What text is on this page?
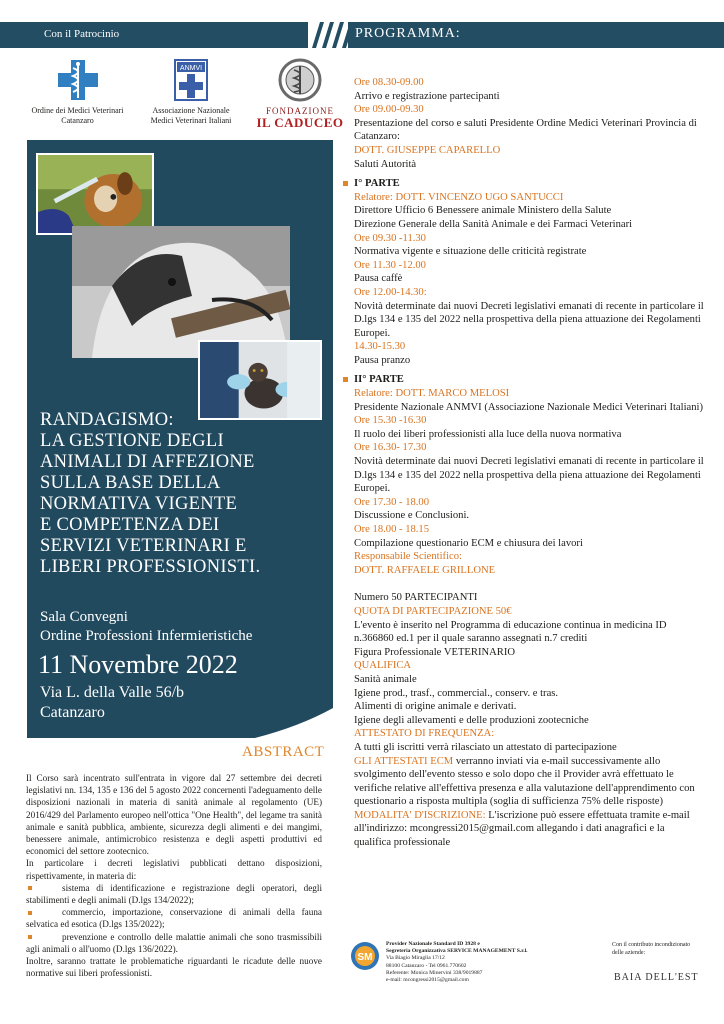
Con il Patrocinio	PROGRAMMA:
Ordine dei Medici Veterinari
Catanzaro
ANMVI
Associazione Nazionale
Medici Veterinari Italiani
FONDAZIONE
IL CADUCEO
RANDAGISMO:
LA GESTIONE DEGLI
ANIMALI DI AFFEZIONE
SULLA BASE DELLA
NORMATIVA VIGENTE
E COMPETENZA DEI
SERVIZI VETERINARI E
LIBERI PROFESSIONISTI.
Sala Convegni
Ordine Professioni Infermieristiche
11 Novembre 2022
Via L. della Valle 56/b
Catanzaro
ABSTRACT

Il Corso sarà incentrato sull'entrata in vigore dal 27 settembre dei decreti legislativi nn. 134, 135 e 136 del 5 agosto 2022 concernenti l'adeguamento delle disposizioni nazionali in materia di sanità animale al regolamento (UE) 2016/429 del Parlamento europeo nell'ottica "One Health", del legame tra sanità animale e sanità pubblica, ambiente, sicurezza degli alimenti e dei mangimi, benessere animale, antimicrobico resistenza e degli aspetti produttivi ed economici del settore zootecnico.

In particolare i decreti legislativi pubblicati dettano disposizioni, rispettivamente, in materia di:

sistema di identificazione e registrazione degli operatori, degli stabilimenti e degli animali (D.lgs 134/2022);

commercio, importazione, conservazione di animali della fauna selvatica ed esotica (D.lgs 135/2022);

prevenzione e controllo delle malattie animali che sono trasmissibili agli animali o all'uomo (D.lgs 136/2022).

Inoltre, saranno trattate le problematiche riguardanti le ricadute delle nuove normative sui liberi professionisti.

Ore 08.30-09.00
Arrivo e registrazione partecipanti
Ore 09.00-09.30
Presentazione del corso e saluti Presidente Ordine Medici Veterinari Provincia di Catanzaro:
DOTT. GIUSEPPE CAPARELLO
Saluti Autorità
I° PARTE
Relatore: DOTT. VINCENZO UGO SANTUCCI
Direttore Ufficio 6 Benessere animale Ministero della Salute
Direzione Generale della Sanità Animale e dei Farmaci Veterinari
Ore 09.30 -11.30
Normativa vigente e situazione delle criticità registrate
Ore 11.30 -12.00
Pausa caffè
Ore 12.00-14.30:
Novità determinate dai nuovi Decreti legislativi emanati di recente in particolare il D.lgs 134 e 135 del 2022 nella prospettiva della piena attuazione dei Regolamenti Europei.
14.30-15.30
Pausa pranzo
II° PARTE
Relatore: DOTT. MARCO MELOSI
Presidente Nazionale ANMVI (Associazione Nazionale Medici Veterinari Italiani)
Ore 15.30 -16.30
Il ruolo dei liberi professionisti alla luce della nuova normativa
Ore 16.30- 17.30
Novità determinate dai nuovi Decreti legislativi emanati di recente in particolare il D.lgs 134 e 135 del 2022 nella prospettiva della piena attuazione dei Regolamenti Europei.
Ore 17.30 - 18.00
Discussione e Conclusioni.
Ore 18.00 - 18.15
Compilazione questionario ECM e chiusura dei lavori
Responsabile Scientifico:
DOTT. RAFFAELE GRILLONE
Numero 50 PARTECIPANTI
QUOTA DI PARTECIPAZIONE 50€
L'evento è inserito nel Programma di educazione continua in medicina ID n.366860 ed.1 per il quale saranno assegnati n.7 crediti
Figura Professionale VETERINARIO
QUALIFICA
Sanità animale
Igiene prod., trasf., commercial., conserv. e tras.
Alimenti di origine animale e derivati.
Igiene degli allevamenti e delle produzioni zootecniche
ATTESTATO DI FREQUENZA:
A tutti gli iscritti verrà rilasciato un attestato di partecipazione
GLI ATTESTATI ECM verranno inviati via e-mail successivamente allo svolgimento dell'evento stesso e solo dopo che il Provider avrà effettuato le verifiche relative all'effettiva presenza e alla valutazione dell'apprendimento con questionario a risposta multipla (soglia di sufficienza 75% delle risposte)
MODALITA' D'ISCRIZIONE: L'iscrizione può essere effettuata tramite e-mail all'indirizzo: mcongressi2015@gmail.com allegando i dati anagrafici e la qualifica professionale
SM
Provider Nazionale Standard ID 3928 e
Segreteria Organizzativa SERVICE MANAGEMENT S.r.l.
Via Biagio Miraglia 17/12
88100 Catanzaro - Tel 0961.770602
Referente: Monica Minervini 338/9019887
e-mail: mcongressi2015@gmail.com
Con il contributo incondizionato
delle aziende:
BAIA DELL'EST
